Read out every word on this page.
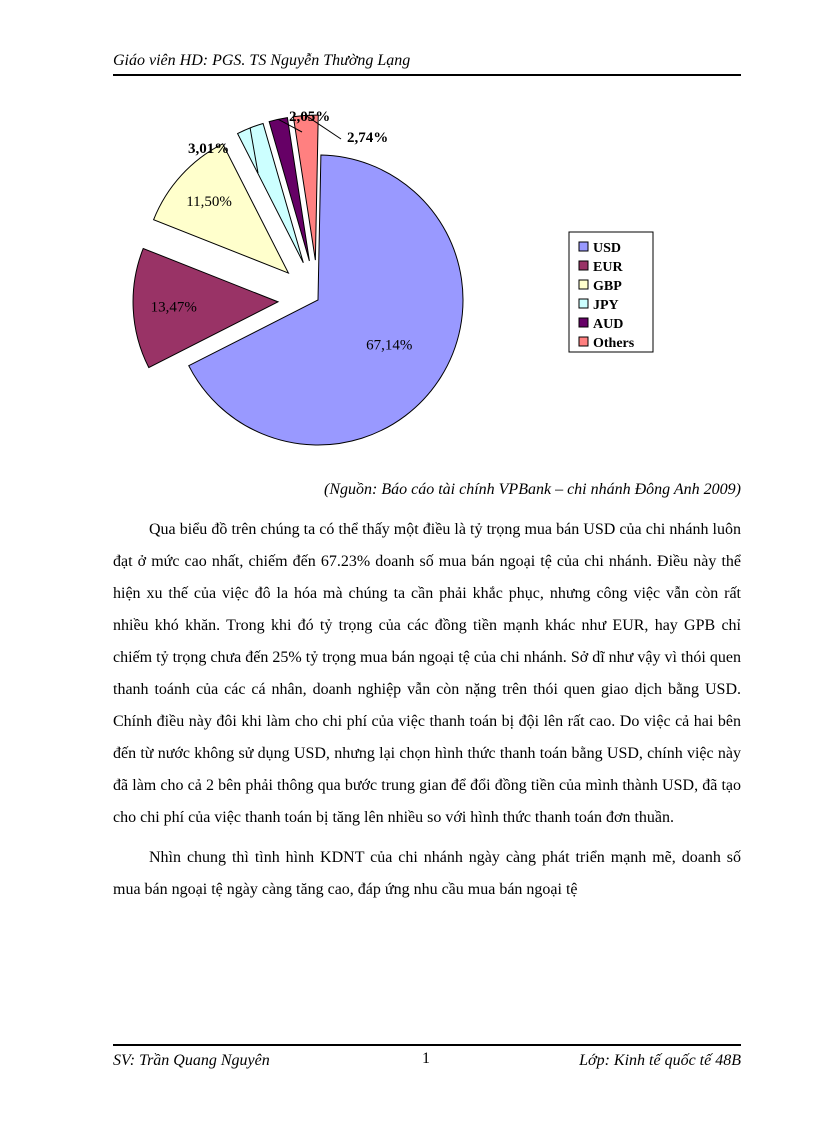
Giáo viên HD: PGS. TS Nguyễn Thường Lạng
67,14%
13,47%
11,50%
3,01%
2,05%
2,74%
USD
EUR
GBP
JPY
AUD
Others
(Nguồn: Báo cáo tài chính VPBank – chi nhánh Đông Anh 2009)

Qua biểu đồ trên chúng ta có thể thấy một điều là tỷ trọng mua bán USD của chi nhánh luôn đạt ở mức cao nhất, chiếm đến 67.23% doanh số mua bán ngoại tệ của chi nhánh. Điều này thể hiện xu thế của việc đô la hóa mà chúng ta cần phải khắc phục, nhưng công việc vẫn còn rất nhiều khó khăn. Trong khi đó tỷ trọng của các đồng tiền mạnh khác như EUR, hay GPB chỉ chiếm tỷ trọng chưa đến 25% tỷ trọng mua bán ngoại tệ của chi nhánh. Sở dĩ như vậy vì thói quen thanh toánh của các cá nhân, doanh nghiệp vẫn còn nặng trên thói quen giao dịch bằng USD. Chính điều này đôi khi làm cho chi phí của việc thanh toán bị đội lên rất cao. Do việc cả hai bên đến từ nước không sử dụng USD, nhưng lại chọn hình thức thanh toán bằng USD, chính việc này đã làm cho cả 2 bên phải thông qua bước trung gian để đổi đồng tiền của mình thành USD, đã tạo cho chi phí của việc thanh toán bị tăng lên nhiều so với hình thức thanh toán đơn thuần.

Nhìn chung thì tình hình KDNT của chi nhánh ngày càng phát triển mạnh mẽ, doanh số mua bán ngoại tệ ngày càng tăng cao, đáp ứng nhu cầu mua bán ngoại tệ

SV: Trần Quang Nguyên	1	Lớp: Kinh tế quốc tế 48B
